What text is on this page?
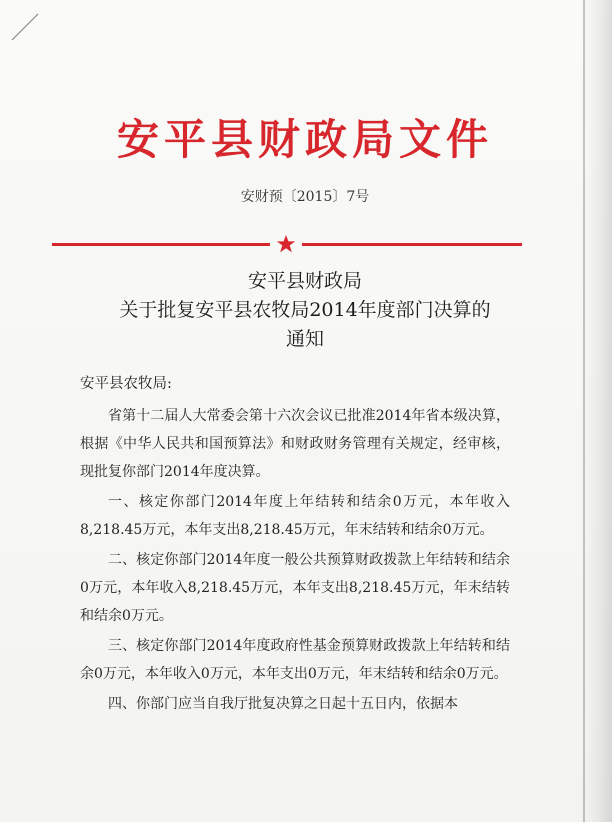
安平县财政局文件
安财预〔2015〕7号
安平县财政局
关于批复安平县农牧局2014年度部门决算的
通知
安平县农牧局:

省第十二届人大常委会第十六次会议已批准2014年省本级决算，根据《中华人民共和国预算法》和财政财务管理有关规定，经审核，现批复你部门2014年度决算。

一、核定你部门2014年度上年结转和结余0万元，本年收入8,218.45万元，本年支出8,218.45万元，年末结转和结余0万元。

二、核定你部门2014年度一般公共预算财政拨款上年结转和结余0万元，本年收入8,218.45万元，本年支出8,218.45万元，年末结转和结余0万元。

三、核定你部门2014年度政府性基金预算财政拨款上年结转和结余0万元，本年收入0万元，本年支出0万元，年末结转和结余0万元。

四、你部门应当自我厅批复决算之日起十五日内，依据本
